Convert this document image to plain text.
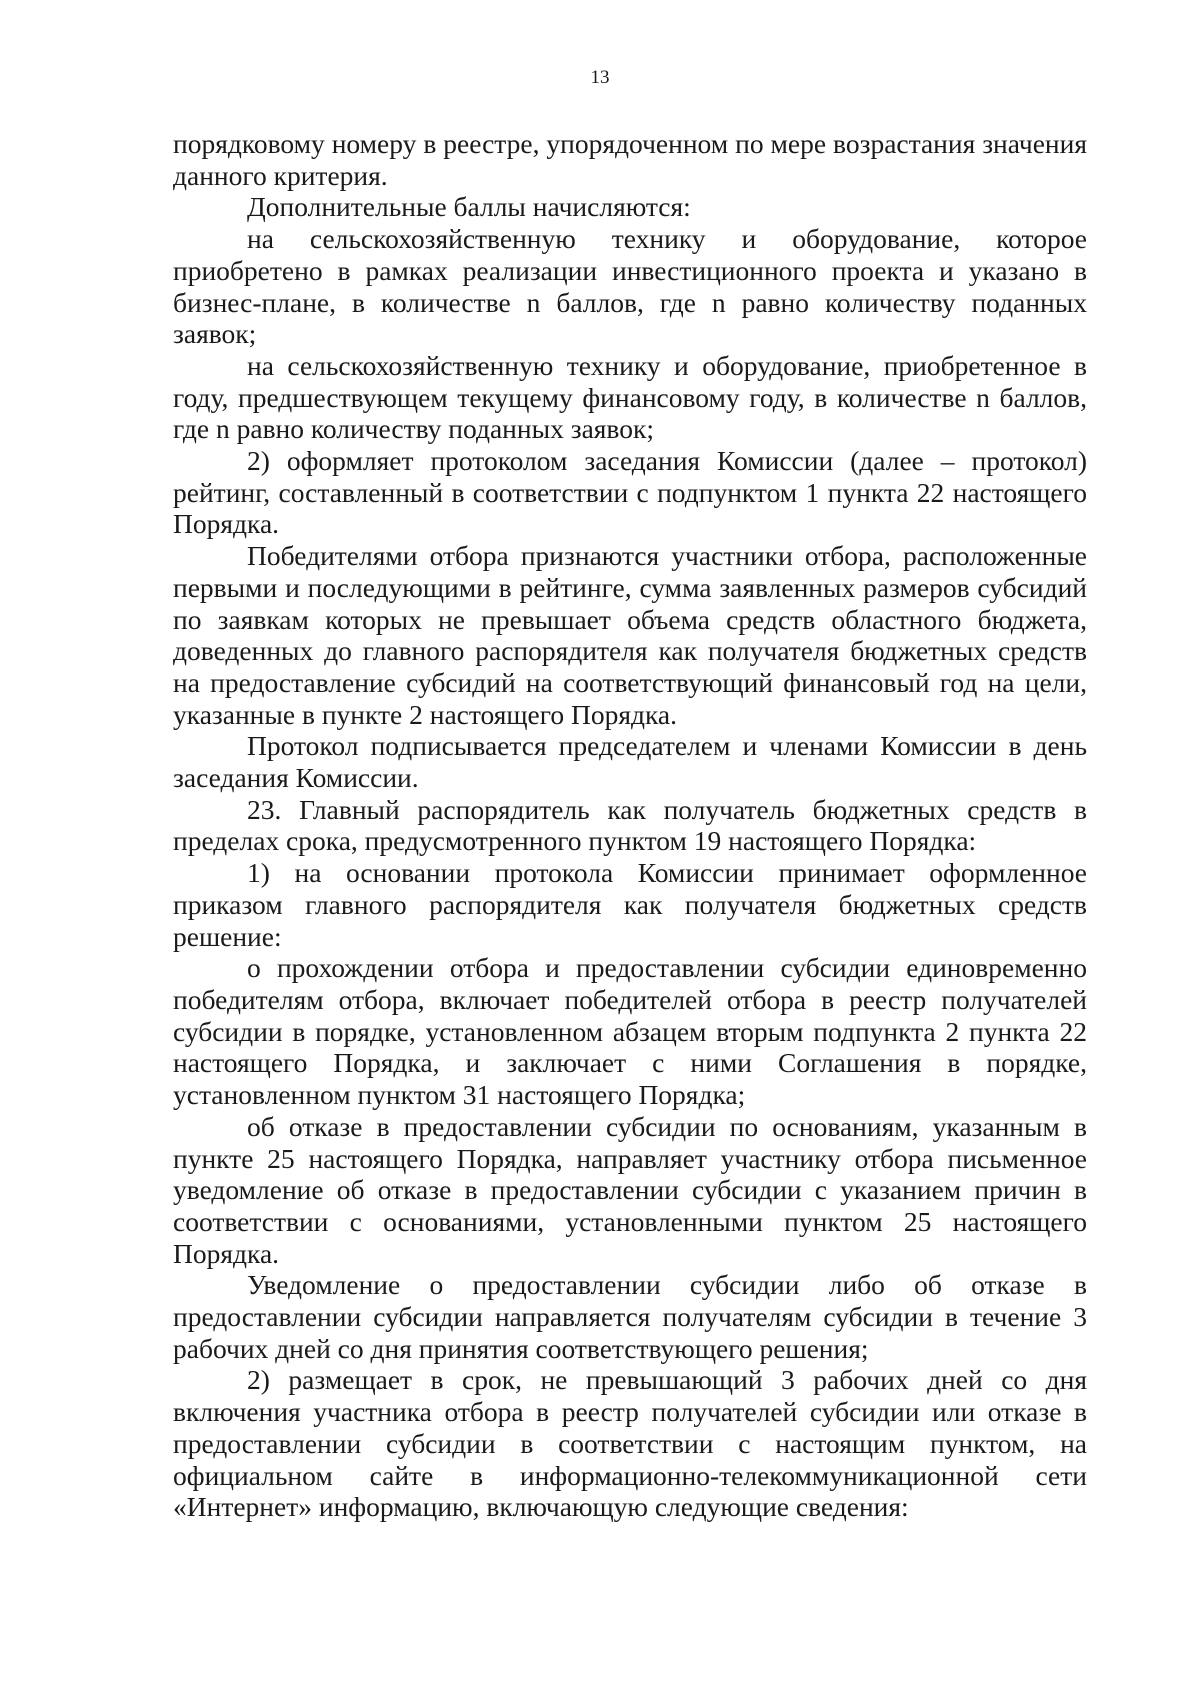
13

порядковому номеру в реестре, упорядоченном по мере возрастания значения данного критерия.

Дополнительные баллы начисляются:

на сельскохозяйственную технику и оборудование, которое приобретено в рамках реализации инвестиционного проекта и указано в бизнес-плане, в количестве n баллов, где n равно количеству поданных заявок;

на сельскохозяйственную технику и оборудование, приобретенное в году, предшествующем текущему финансовому году, в количестве n баллов, где n равно количеству поданных заявок;

2) оформляет протоколом заседания Комиссии (далее – протокол) рейтинг, составленный в соответствии с подпунктом 1 пункта 22 настоящего Порядка.

Победителями отбора признаются участники отбора, расположенные первыми и последующими в рейтинге, сумма заявленных размеров субсидий по заявкам которых не превышает объема средств областного бюджета, доведенных до главного распорядителя как получателя бюджетных средств на предоставление субсидий на соответствующий финансовый год на цели, указанные в пункте 2 настоящего Порядка.

Протокол подписывается председателем и членами Комиссии в день заседания Комиссии.

23. Главный распорядитель как получатель бюджетных средств в пределах срока, предусмотренного пунктом 19 настоящего Порядка:

1) на основании протокола Комиссии принимает оформленное приказом главного распорядителя как получателя бюджетных средств решение:

о прохождении отбора и предоставлении субсидии единовременно победителям отбора, включает победителей отбора в реестр получателей субсидии в порядке, установленном абзацем вторым подпункта 2 пункта 22 настоящего Порядка, и заключает с ними Соглашения в порядке, установленном пунктом 31 настоящего Порядка;

об отказе в предоставлении субсидии по основаниям, указанным в пункте 25 настоящего Порядка, направляет участнику отбора письменное уведомление об отказе в предоставлении субсидии с указанием причин в соответствии с основаниями, установленными пунктом 25 настоящего Порядка.

Уведомление о предоставлении субсидии либо об отказе в предоставлении субсидии направляется получателям субсидии в течение 3 рабочих дней со дня принятия соответствующего решения;

2) размещает в срок, не превышающий 3 рабочих дней со дня включения участника отбора в реестр получателей субсидии или отказе в предоставлении субсидии в соответствии с настоящим пунктом, на официальном сайте в информационно-телекоммуникационной сети «Интернет» информацию, включающую следующие сведения:
